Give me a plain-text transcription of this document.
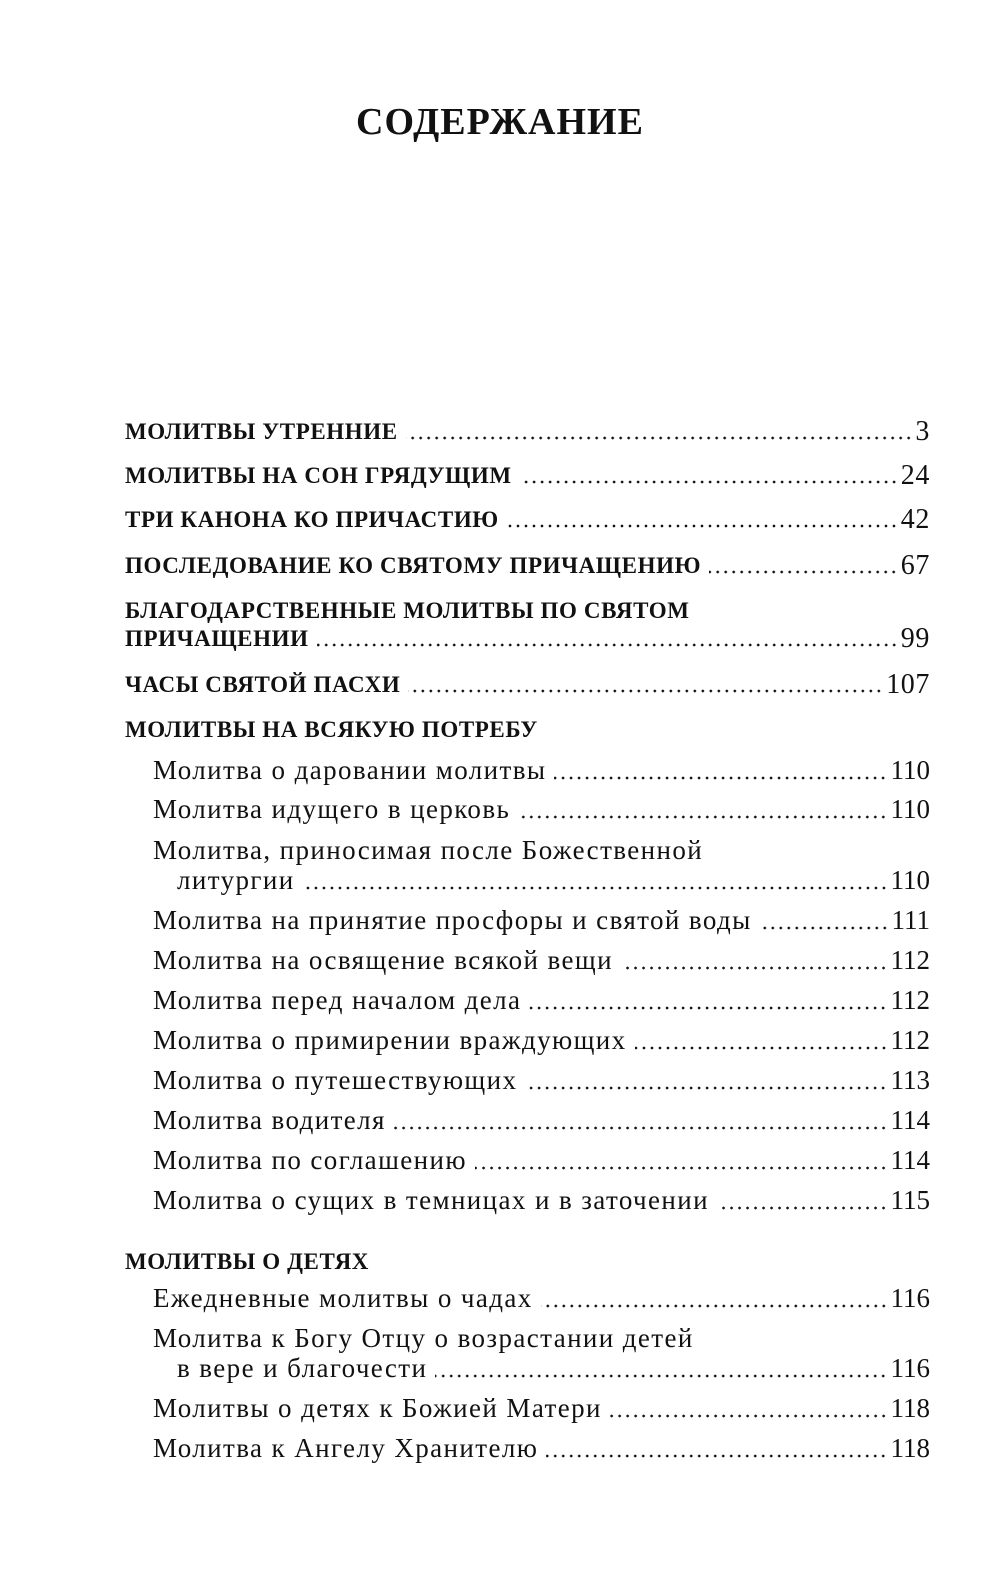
СОДЕРЖАНИЕ
МОЛИТВЫ УТРЕННИЕ	3
МОЛИТВЫ НА СОН ГРЯДУЩИМ	24
ТРИ КАНОНА КО ПРИЧАСТИЮ	42
ПОСЛЕДОВАНИЕ КО СВЯТОМУ ПРИЧАЩЕНИЮ	67
БЛАГОДАРСТВЕННЫЕ МОЛИТВЫ ПО СВЯТОМ
ПРИЧАЩЕНИИ	99
ЧАСЫ СВЯТОЙ ПАСХИ	107
МОЛИТВЫ НА ВСЯКУЮ ПОТРЕБУ
Молитва о даровании молитвы	110
Молитва идущего в церковь	110
Молитва, приносимая после Божественной
литургии	110
Молитва на принятие просфоры и святой воды	111
Молитва на освящение всякой вещи	112
Молитва перед началом дела	112
Молитва о примирении враждующих	112
Молитва о путешествующих	113
Молитва водителя	114
Молитва по соглашению	114
Молитва о сущих в темницах и в заточении	115
МОЛИТВЫ О ДЕТЯХ
Ежедневные молитвы о чадах	116
Молитва к Богу Отцу о возрастании детей
в вере и благочести	116
Молитвы о детях к Божией Матери	118
Молитва к Ангелу Хранителю	118
